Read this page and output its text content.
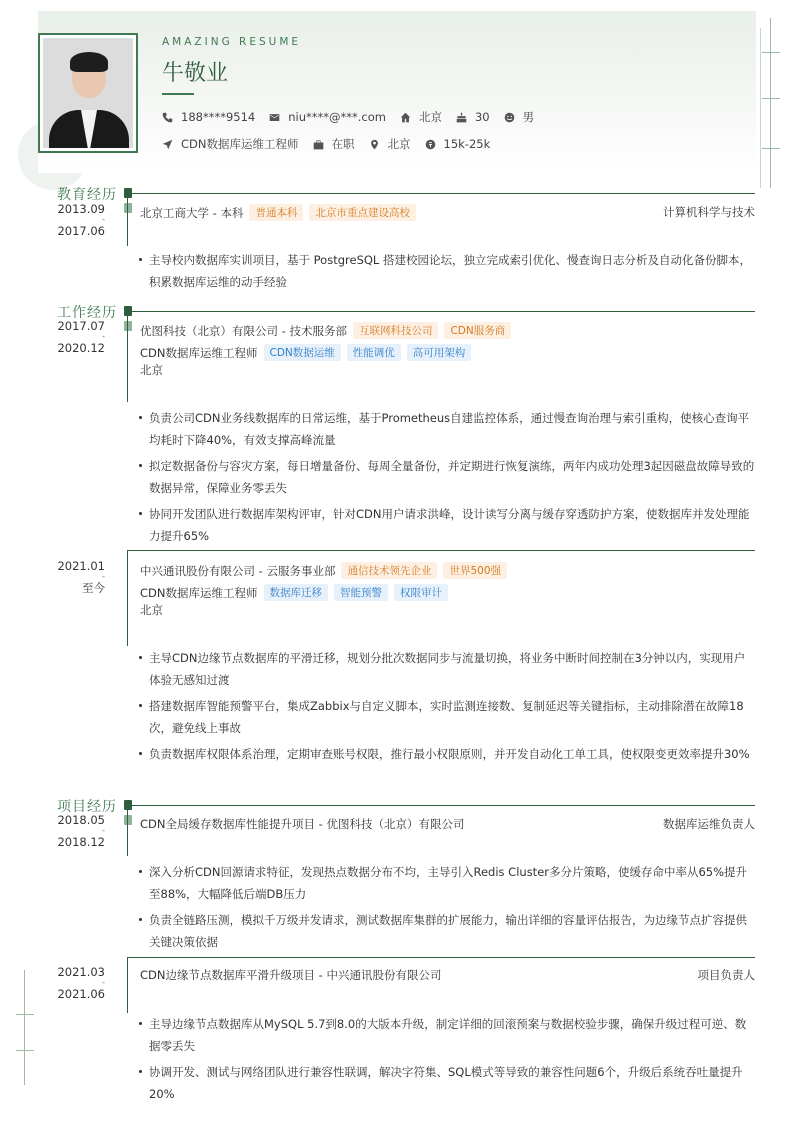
AMAZING RESUME
牛敬业
188****9514	niu****@***.com	北京	30	男
CDN数据库运维工程师	在职	北京	15k-25k
教育经历
2013.09
-
2017.06
北京工商大学 - 本科	普通本科	北京市重点建设高校	计算机科学与技术
主导校内数据库实训项目，基于 PostgreSQL 搭建校园论坛，独立完成索引优化、慢查询日志分析及自动化备份脚本，积累数据库运维的动手经验
工作经历
2017.07
-
2020.12
优图科技（北京）有限公司 - 技术服务部	互联网科技公司	CDN服务商
CDN数据库运维工程师	CDN数据运维	性能调优	高可用架构
北京
负责公司CDN业务线数据库的日常运维，基于Prometheus自建监控体系，通过慢查询治理与索引重构，使核心查询平均耗时下降40%，有效支撑高峰流量
拟定数据备份与容灾方案，每日增量备份、每周全量备份，并定期进行恢复演练，两年内成功处理3起因磁盘故障导致的数据异常，保障业务零丢失
协同开发团队进行数据库架构评审，针对CDN用户请求洪峰，设计读写分离与缓存穿透防护方案，使数据库并发处理能力提升65%
2021.01
-
至今
中兴通讯股份有限公司 - 云服务事业部	通信技术领先企业	世界500强
CDN数据库运维工程师	数据库迁移	智能预警	权限审计
北京
主导CDN边缘节点数据库的平滑迁移，规划分批次数据同步与流量切换，将业务中断时间控制在3分钟以内，实现用户体验无感知过渡
搭建数据库智能预警平台，集成Zabbix与自定义脚本，实时监测连接数、复制延迟等关键指标，主动排除潜在故障18次，避免线上事故
负责数据库权限体系治理，定期审查账号权限，推行最小权限原则，并开发自动化工单工具，使权限变更效率提升30%
项目经历
2018.05
-
2018.12
CDN全局缓存数据库性能提升项目 - 优图科技（北京）有限公司	数据库运维负责人
深入分析CDN回源请求特征，发现热点数据分布不均，主导引入Redis Cluster多分片策略，使缓存命中率从65%提升至88%，大幅降低后端DB压力
负责全链路压测，模拟千万级并发请求，测试数据库集群的扩展能力，输出详细的容量评估报告，为边缘节点扩容提供关键决策依据
2021.03
-
2021.06
CDN边缘节点数据库平滑升级项目 - 中兴通讯股份有限公司	项目负责人
主导边缘节点数据库从MySQL 5.7到8.0的大版本升级，制定详细的回滚预案与数据校验步骤，确保升级过程可逆、数据零丢失
协调开发、测试与网络团队进行兼容性联调，解决字符集、SQL模式等导致的兼容性问题6个，升级后系统吞吐量提升20%
